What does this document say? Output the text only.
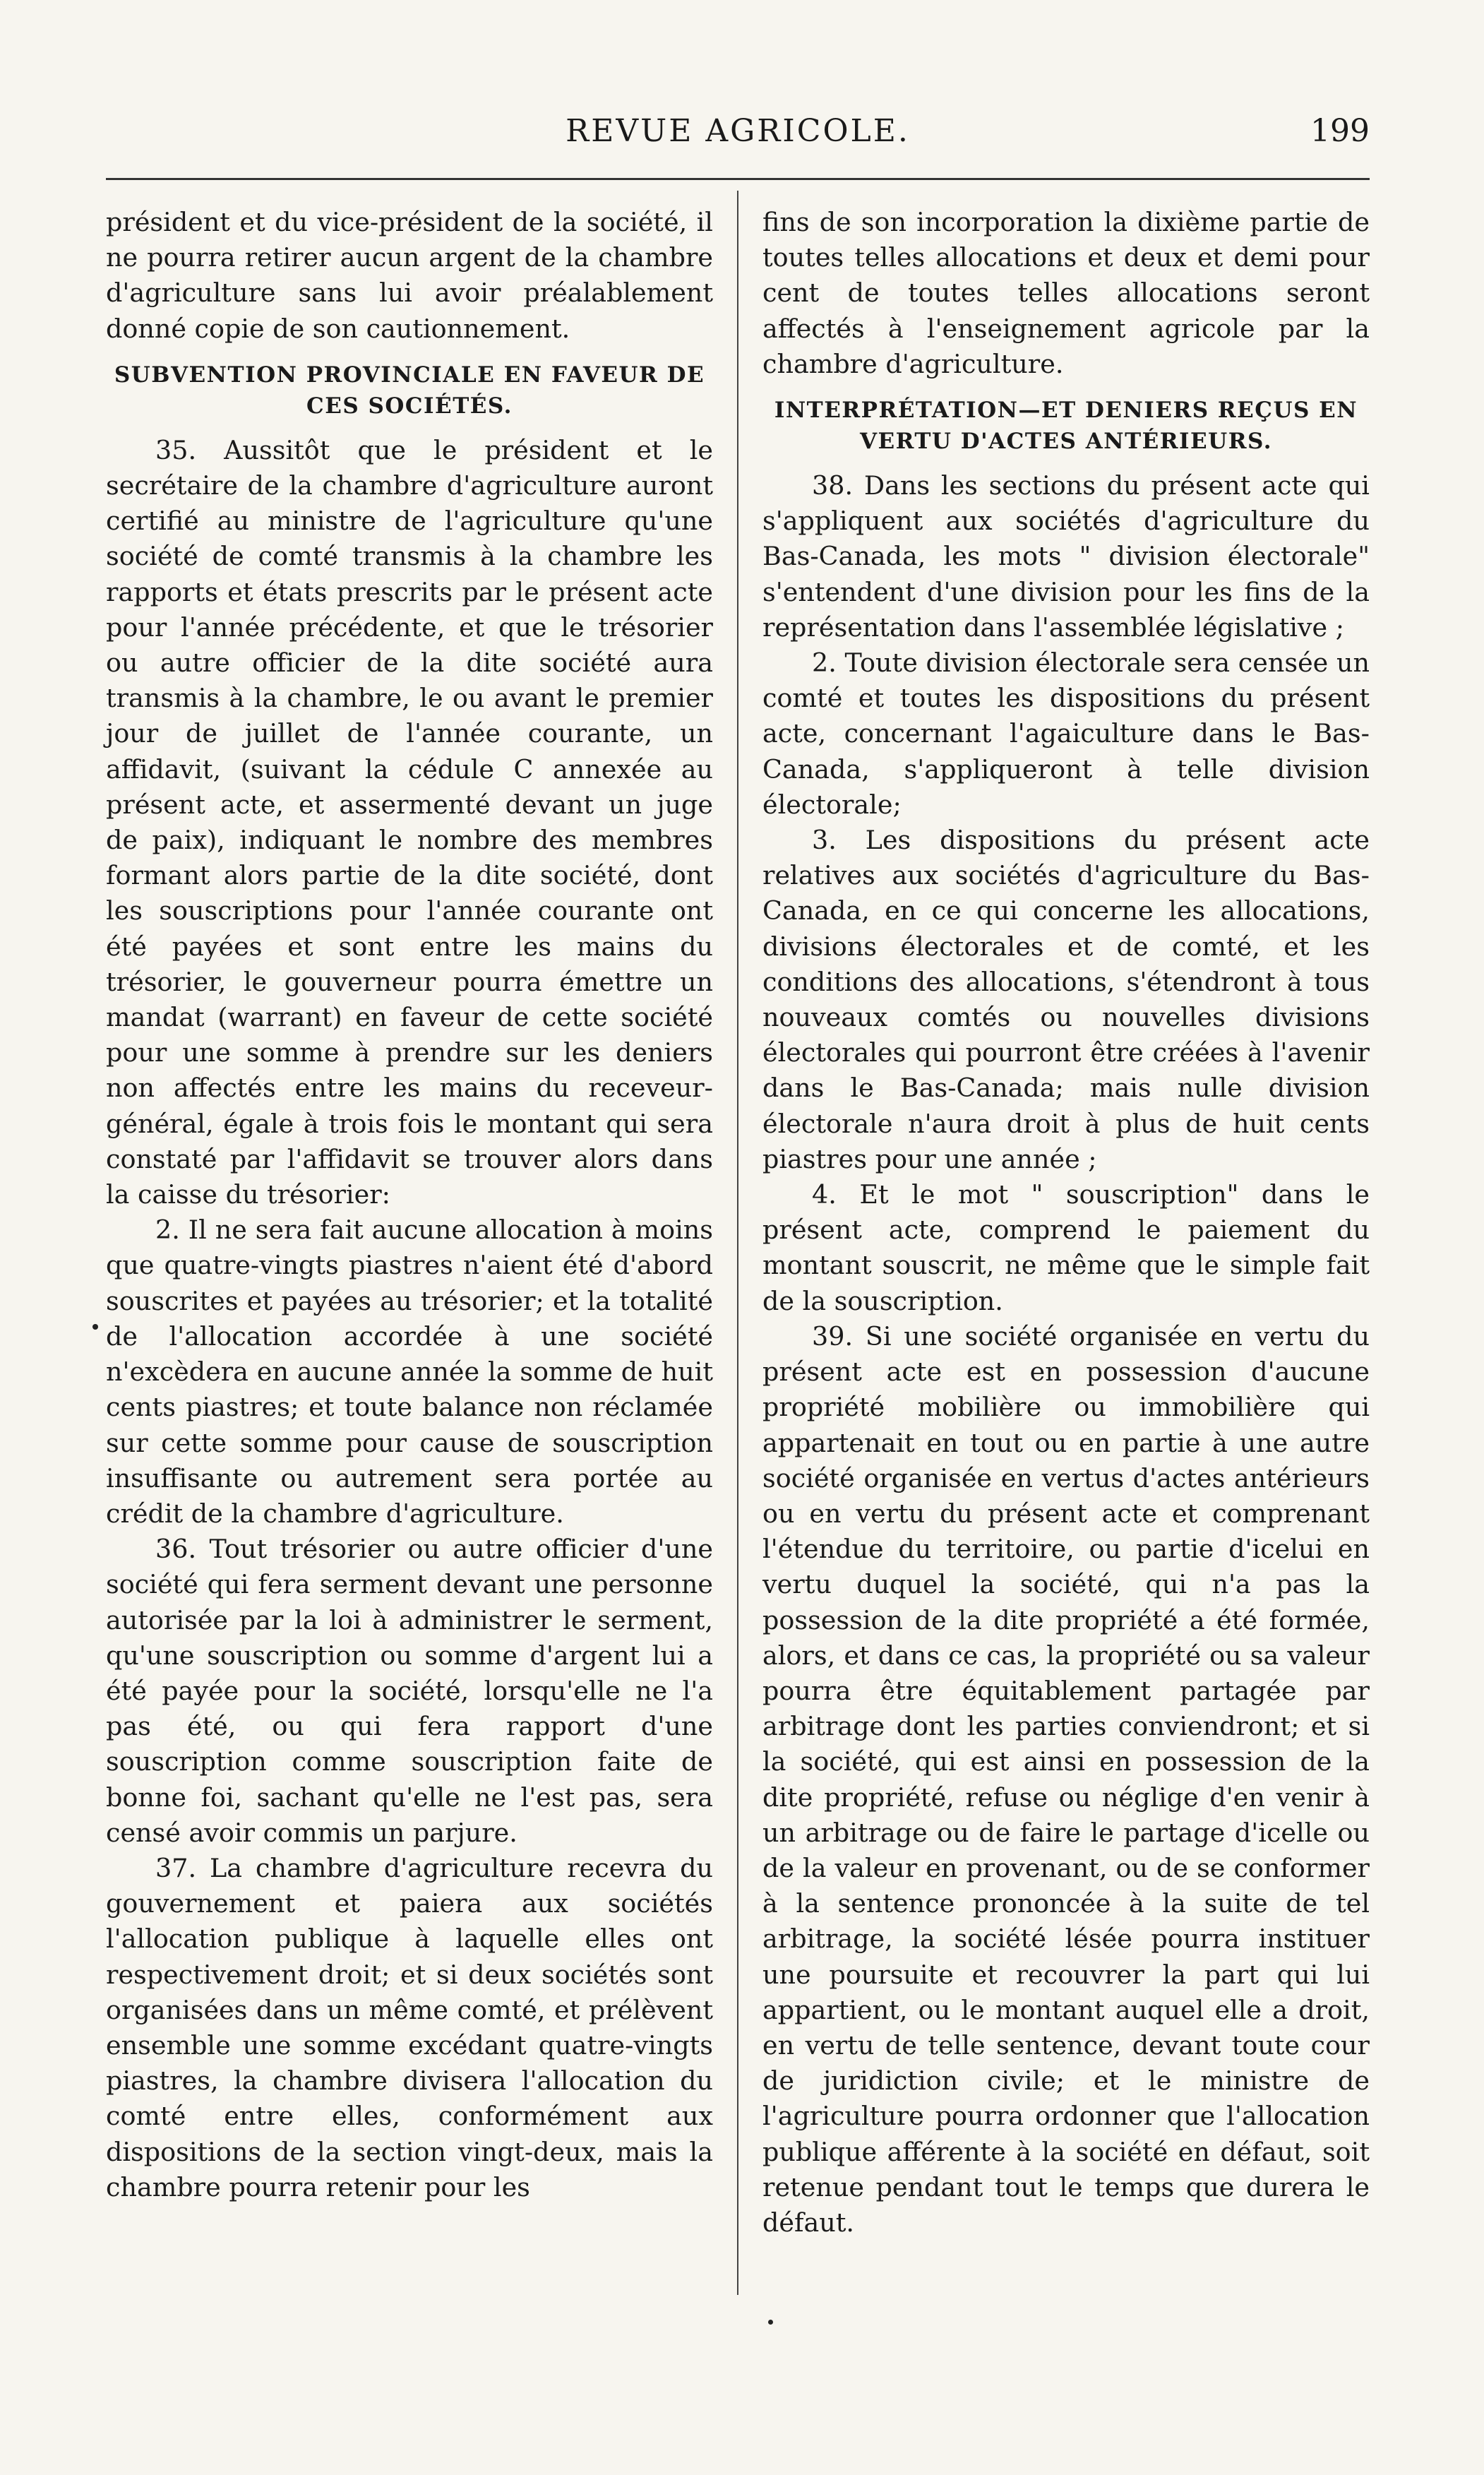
REVUE AGRICOLE.	199

président et du vice-président de la société, il ne pourra retirer aucun argent de la chambre d'agriculture sans lui avoir préalablement donné copie de son cautionnement.

SUBVENTION PROVINCIALE EN FAVEUR DE CES SOCIÉTÉS.

35. Aussitôt que le président et le secrétaire de la chambre d'agriculture auront certifié au ministre de l'agriculture qu'une société de comté transmis à la chambre les rapports et états prescrits par le présent acte pour l'année précédente, et que le trésorier ou autre officier de la dite société aura transmis à la chambre, le ou avant le premier jour de juillet de l'année courante, un affidavit, (suivant la cédule C annexée au présent acte, et assermenté devant un juge de paix), indiquant le nombre des membres formant alors partie de la dite société, dont les souscriptions pour l'année courante ont été payées et sont entre les mains du trésorier, le gouverneur pourra émettre un mandat (warrant) en faveur de cette société pour une somme à prendre sur les deniers non affectés entre les mains du receveur-général, égale à trois fois le montant qui sera constaté par l'affidavit se trouver alors dans la caisse du trésorier:

2. Il ne sera fait aucune allocation à moins que quatre-vingts piastres n'aient été d'abord souscrites et payées au trésorier; et la totalité de l'allocation accordée à une société n'excèdera en aucune année la somme de huit cents piastres; et toute balance non réclamée sur cette somme pour cause de souscription insuffisante ou autrement sera portée au crédit de la chambre d'agriculture.

36. Tout trésorier ou autre officier d'une société qui fera serment devant une personne autorisée par la loi à administrer le serment, qu'une souscription ou somme d'argent lui a été payée pour la société, lorsqu'elle ne l'a pas été, ou qui fera rapport d'une souscription comme souscription faite de bonne foi, sachant qu'elle ne l'est pas, sera censé avoir commis un parjure.

37. La chambre d'agriculture recevra du gouvernement et paiera aux sociétés l'allocation publique à laquelle elles ont respectivement droit; et si deux sociétés sont organisées dans un même comté, et prélèvent ensemble une somme excédant quatre-vingts piastres, la chambre divisera l'allocation du comté entre elles, conformément aux dispositions de la section vingt-deux, mais la chambre pourra retenir pour les

fins de son incorporation la dixième partie de toutes telles allocations et deux et demi pour cent de toutes telles allocations seront affectés à l'enseignement agricole par la chambre d'agriculture.

INTERPRÉTATION—ET DENIERS REÇUS EN VERTU D'ACTES ANTÉRIEURS.

38. Dans les sections du présent acte qui s'appliquent aux sociétés d'agriculture du Bas-Canada, les mots " division électorale" s'entendent d'une division pour les fins de la représentation dans l'assemblée législative ;

2. Toute division électorale sera censée un comté et toutes les dispositions du présent acte, concernant l'agaiculture dans le Bas-Canada, s'appliqueront à telle division électorale;

3. Les dispositions du présent acte relatives aux sociétés d'agriculture du Bas-Canada, en ce qui concerne les allocations, divisions électorales et de comté, et les conditions des allocations, s'étendront à tous nouveaux comtés ou nouvelles divisions électorales qui pourront être créées à l'avenir dans le Bas-Canada; mais nulle division électorale n'aura droit à plus de huit cents piastres pour une année ;

4. Et le mot " souscription" dans le présent acte, comprend le paiement du montant souscrit, ne même que le simple fait de la souscription.

39. Si une société organisée en vertu du présent acte est en possession d'aucune propriété mobilière ou immobilière qui appartenait en tout ou en partie à une autre société organisée en vertus d'actes antérieurs ou en vertu du présent acte et comprenant l'étendue du territoire, ou partie d'icelui en vertu duquel la société, qui n'a pas la possession de la dite propriété a été formée, alors, et dans ce cas, la propriété ou sa valeur pourra être équitablement partagée par arbitrage dont les parties conviendront; et si la société, qui est ainsi en possession de la dite propriété, refuse ou néglige d'en venir à un arbitrage ou de faire le partage d'icelle ou de la valeur en provenant, ou de se conformer à la sentence prononcée à la suite de tel arbitrage, la société lésée pourra instituer une poursuite et recouvrer la part qui lui appartient, ou le montant auquel elle a droit, en vertu de telle sentence, devant toute cour de juridiction civile; et le ministre de l'agriculture pourra ordonner que l'allocation publique afférente à la société en défaut, soit retenue pendant tout le temps que durera le défaut.
